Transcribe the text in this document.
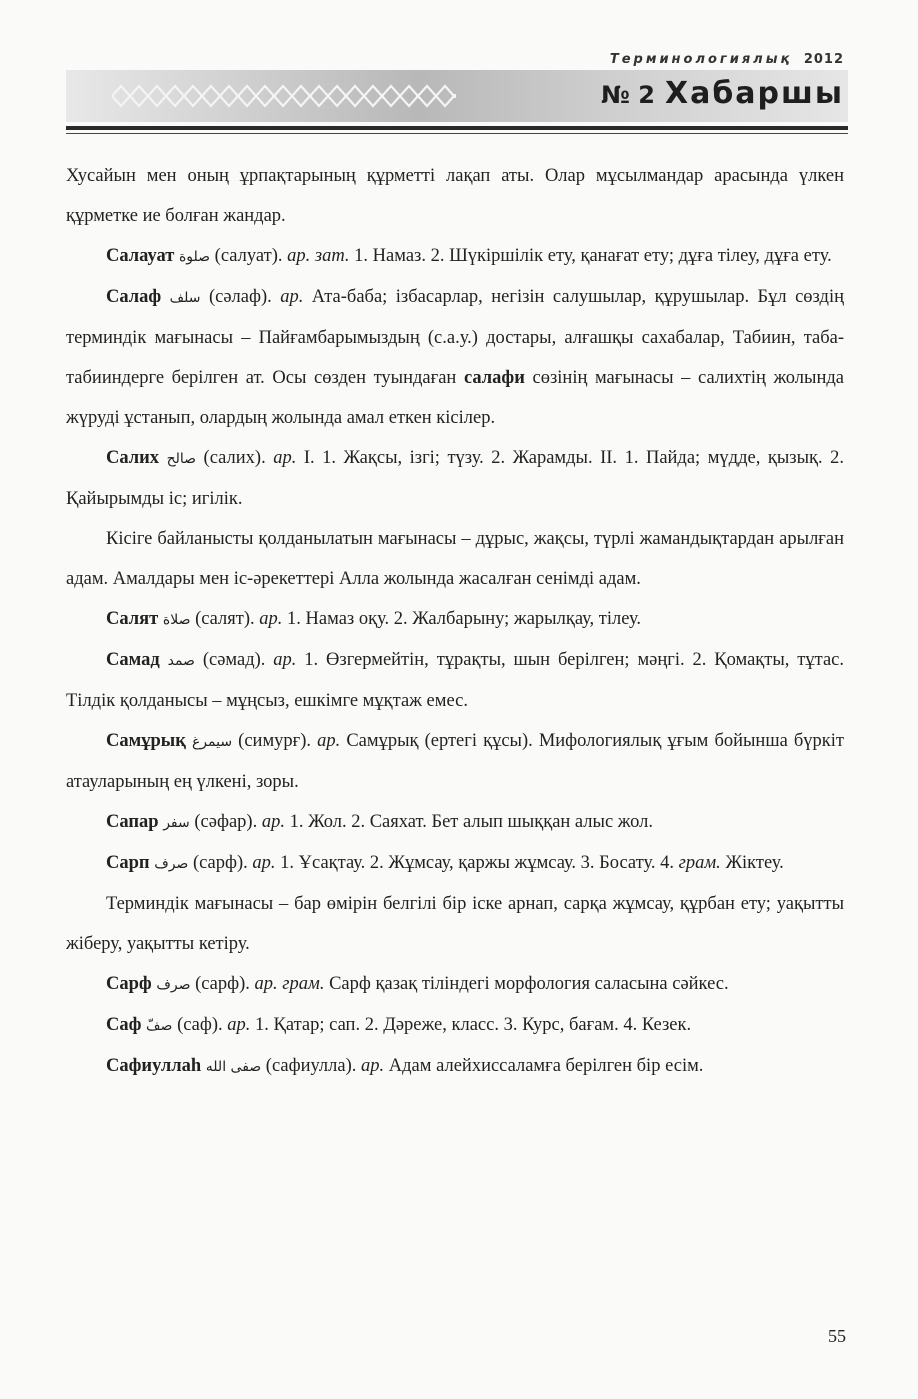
Терминологиялық 2012
№ 2 Хабаршы

Хусайын мен оның ұрпақтарының құрметті лақап аты. Олар мұсылмандар арасында үлкен құрметке ие болған жандар.

Салауат صلوة (салуат). ар. зат. 1. Намаз. 2. Шүкіршілік ету, қанағат ету; дұға тілеу, дұға ету.

Салаф سلف (сәлаф). ар. Ата-баба; ізбасарлар, негізін салушылар, құрушылар. Бұл сөздің терминдік мағынасы – Пайғамбарымыздың (с.а.у.) достары, алғашқы сахабалар, Табиин, таба-табииндерге берілген ат. Осы сөзден туындаған салафи сөзінің мағынасы – салихтің жолында жүруді ұстанып, олардың жолында амал еткен кісілер.

Салих صالح (салих). ар. I. 1. Жақсы, ізгі; түзу. 2. Жарамды. II. 1. Пайда; мүдде, қызық. 2. Қайырымды іс; игілік.

Кісіге байланысты қолданылатын мағынасы – дұрыс, жақсы, түрлі жамандықтардан арылған адам. Амалдары мен іс-әрекеттері Алла жолында жасалған сенімді адам.

Салят صلاة (салят). ар. 1. Намаз оқу. 2. Жалбарыну; жарылқау, тілеу.

Самад صمد (сәмад). ар. 1. Өзгермейтін, тұрақты, шын берілген; мәңгі. 2. Қомақты, тұтас. Тілдік қолданысы – мұңсыз, ешкімге мұқтаж емес.

Самұрық سيمرغ (симурғ). ар. Самұрық (ертегі құсы). Мифологиялық ұғым бойынша бүркіт атауларының ең үлкені, зоры.

Сапар سفر (сәфар). ар. 1. Жол. 2. Саяхат. Бет алып шыққан алыс жол.

Сарп صرف (сарф). ар. 1. Ұсақтау. 2. Жұмсау, қаржы жұмсау. 3. Босату. 4. грам. Жіктеу.

Терминдік мағынасы – бар өмірін белгілі бір іске арнап, сарқа жұмсау, құрбан ету; уақытты жіберу, уақытты кетіру.

Сарф صرف (сарф). ар. грам. Сарф қазақ тіліндегі морфология саласына сәйкес.

Саф صفّ (саф). ар. 1. Қатар; сап. 2. Дәреже, класс. 3. Курс, бағам. 4. Кезек.

Сафиуллаһ صفى الله (сафиулла). ар. Адам алейхиссаламға берілген бір есім.

55
